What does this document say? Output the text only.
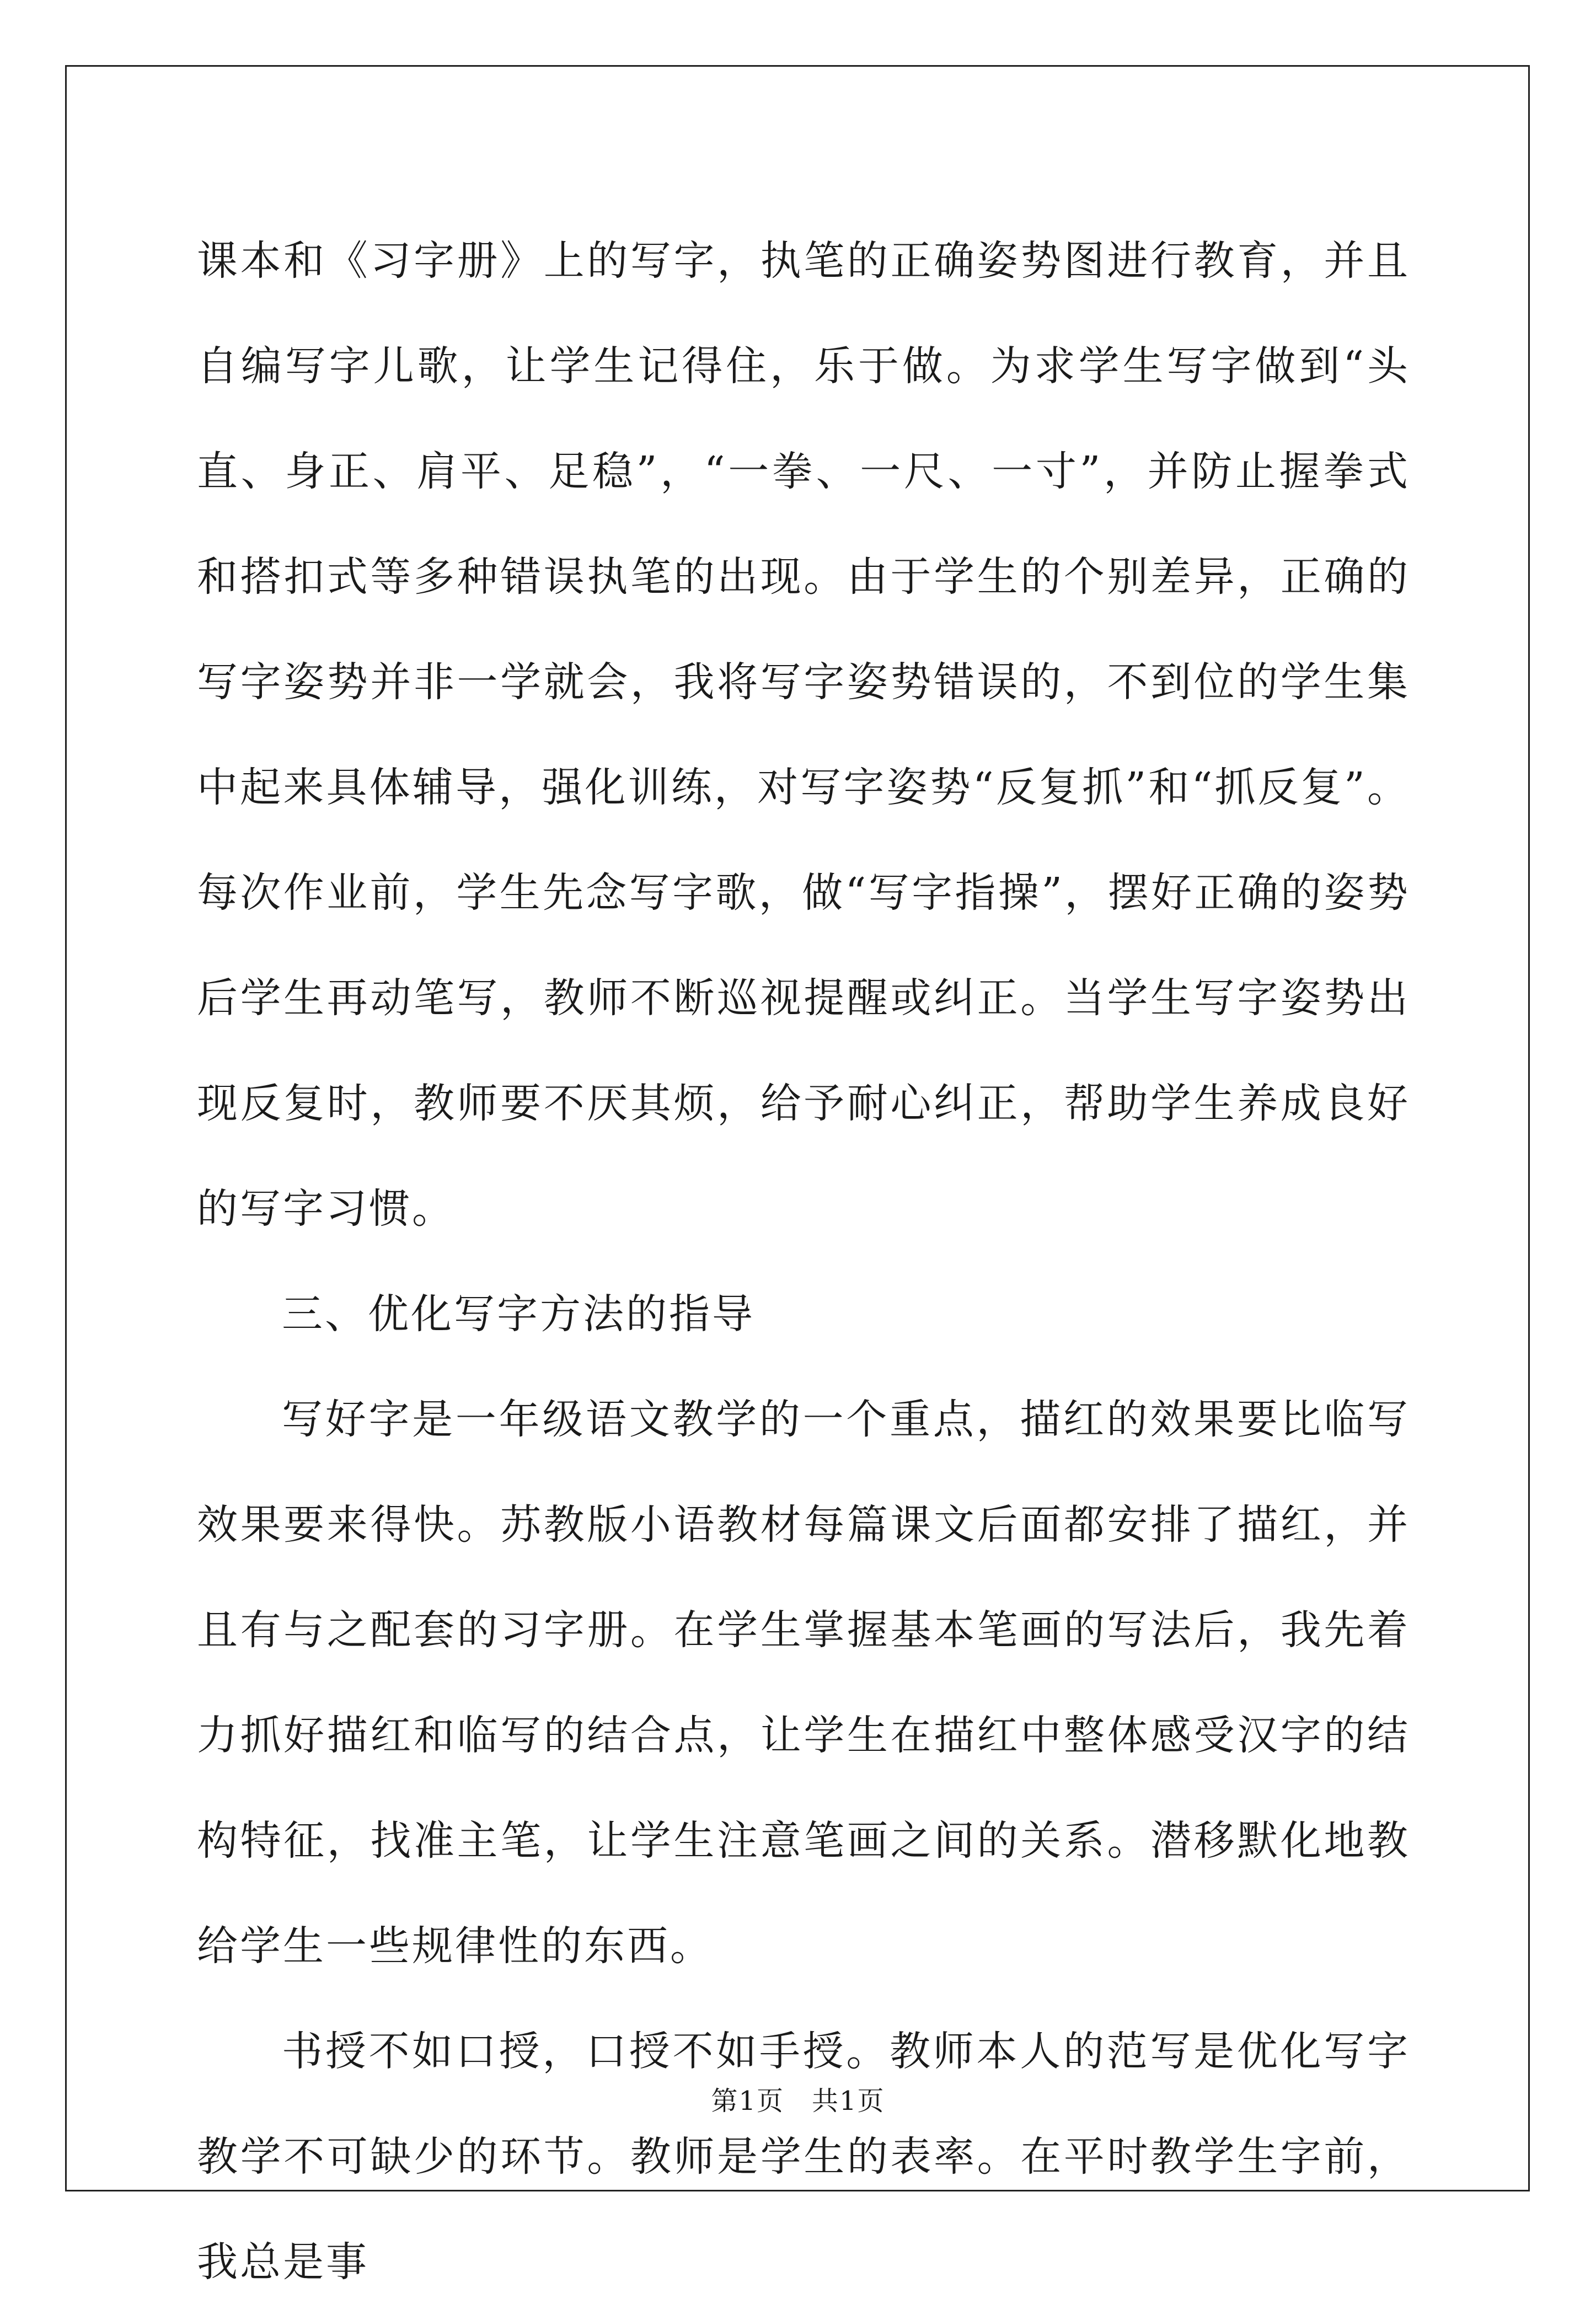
课本和《习字册》上的写字，执笔的正确姿势图进行教育，并且自编写字儿歌，让学生记得住，乐于做。为求学生写字做到“头直、身正、肩平、足稳”，“一拳、一尺、一寸”，并防止握拳式和搭扣式等多种错误执笔的出现。由于学生的个别差异，正确的写字姿势并非一学就会，我将写字姿势错误的，不到位的学生集中起来具体辅导，强化训练，对写字姿势“反复抓”和“抓反复”。每次作业前，学生先念写字歌，做“写字指操”，摆好正确的姿势后学生再动笔写，教师不断巡视提醒或纠正。当学生写字姿势出现反复时，教师要不厌其烦，给予耐心纠正，帮助学生养成良好的写字习惯。

三、优化写字方法的指导

写好字是一年级语文教学的一个重点，描红的效果要比临写效果要来得快。苏教版小语教材每篇课文后面都安排了描红，并且有与之配套的习字册。在学生掌握基本笔画的写法后，我先着力抓好描红和临写的结合点，让学生在描红中整体感受汉字的结构特征，找准主笔，让学生注意笔画之间的关系。潜移默化地教给学生一些规律性的东西。

书授不如口授，口授不如手授。教师本人的范写是优化写字教学不可缺少的环节。教师是学生的表率。在平时教学生字前，我总是事

第1页 共1页
